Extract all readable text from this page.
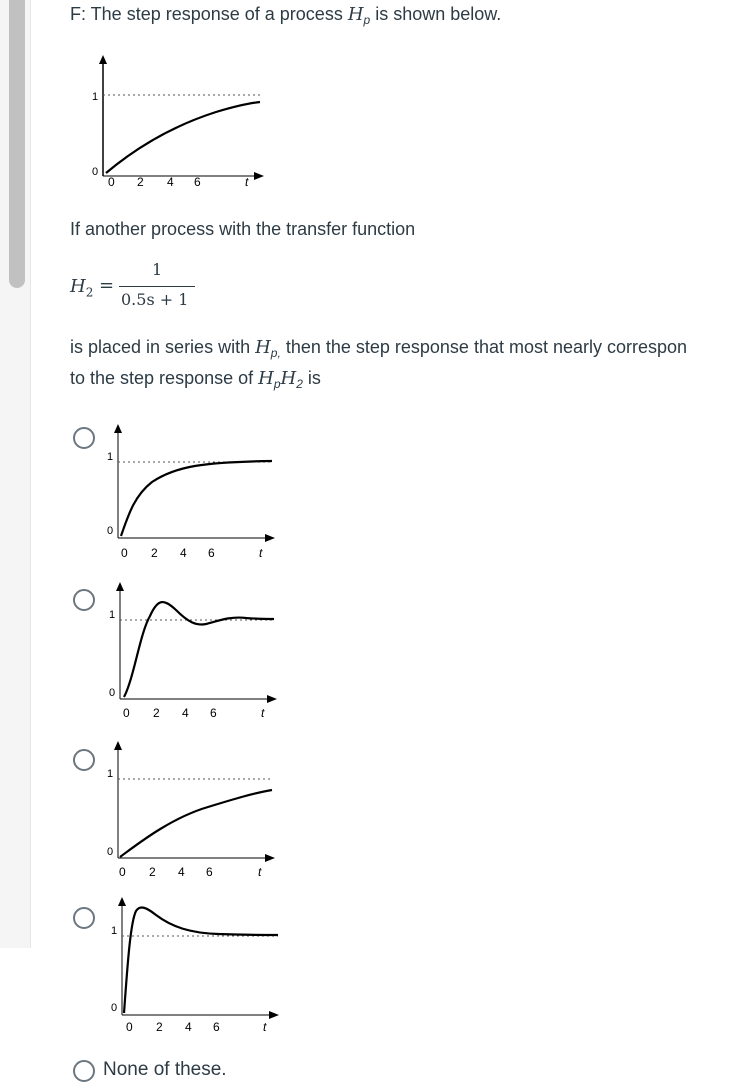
F: The step response of a process $H_p$ is shown below.
1
0
0 2 4 6	t
If another process with the transfer function
$H_2$ =
1
0.5s + 1
is placed in series with $H_{p,}$ then the step response that most nearly correspon
to the step response of $H_pH_2$ is
1
0
0 2 4 6	t
1
0
0 2 4 6	t
1
0
0 2 4 6	t
1
0
0 2 4 6	t
None of these.
